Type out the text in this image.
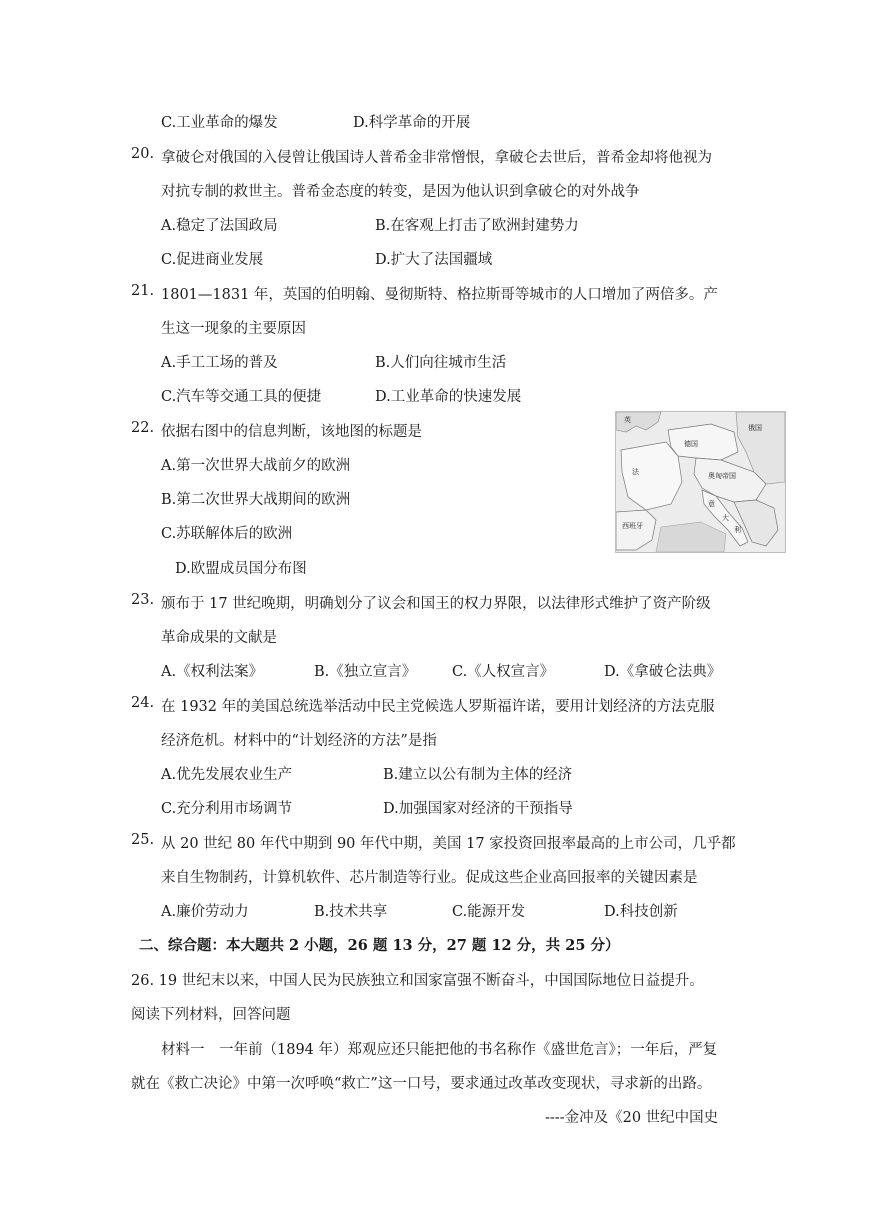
C.工业革命的爆发	D.科学革命的开展
20. 拿破仑对俄国的入侵曾让俄国诗人普希金非常憎恨，拿破仑去世后，普希金却将他视为
对抗专制的救世主。普希金态度的转变，是因为他认识到拿破仑的对外战争
A.稳定了法国政局	B.在客观上打击了欧洲封建势力
C.促进商业发展	D.扩大了法国疆域
21. 1801—1831 年，英国的伯明翰、曼彻斯特、格拉斯哥等城市的人口增加了两倍多。产
生这一现象的主要原因
A.手工工场的普及	B.人们向往城市生活
C.汽车等交通工具的便捷	D.工业革命的快速发展
22. 依据右图中的信息判断，该地图的标题是
A.第一次世界大战前夕的欧洲
B.第二次世界大战期间的欧洲
C.苏联解体后的欧洲
D.欧盟成员国分布图
英
俄国
德国
法	奥匈帝国
意
大
利
西班牙
23. 颁布于 17 世纪晚期，明确划分了议会和国王的权力界限，以法律形式维护了资产阶级
革命成果的文献是
A.《权利法案》	B.《独立宣言》 C.《人权宣言》	D.《拿破仑法典》
24. 在 1932 年的美国总统选举活动中民主党候选人罗斯福许诺，要用计划经济的方法克服
经济危机。材料中的“计划经济的方法”是指
A.优先发展农业生产	B.建立以公有制为主体的经济
C.充分利用市场调节	D.加强国家对经济的干预指导
25. 从 20 世纪 80 年代中期到 90 年代中期，美国 17 家投资回报率最高的上市公司，几乎都
来自生物制药，计算机软件、芯片制造等行业。促成这些企业高回报率的关键因素是
A.廉价劳动力	B.技术共享	C.能源开发	D.科技创新
二、综合题：本大题共 2 小题，26 题 13 分，27 题 12 分，共 25 分）
26. 19 世纪末以来，中国人民为民族独立和国家富强不断奋斗，中国国际地位日益提升。
阅读下列材料，回答问题
材料一　一年前（1894 年）郑观应还只能把他的书名称作《盛世危言》；一年后，严复
就在《救亡决论》中第一次呼唤“救亡”这一口号，要求通过改革改变现状，寻求新的出路。
----金冲及《20 世纪中国史
